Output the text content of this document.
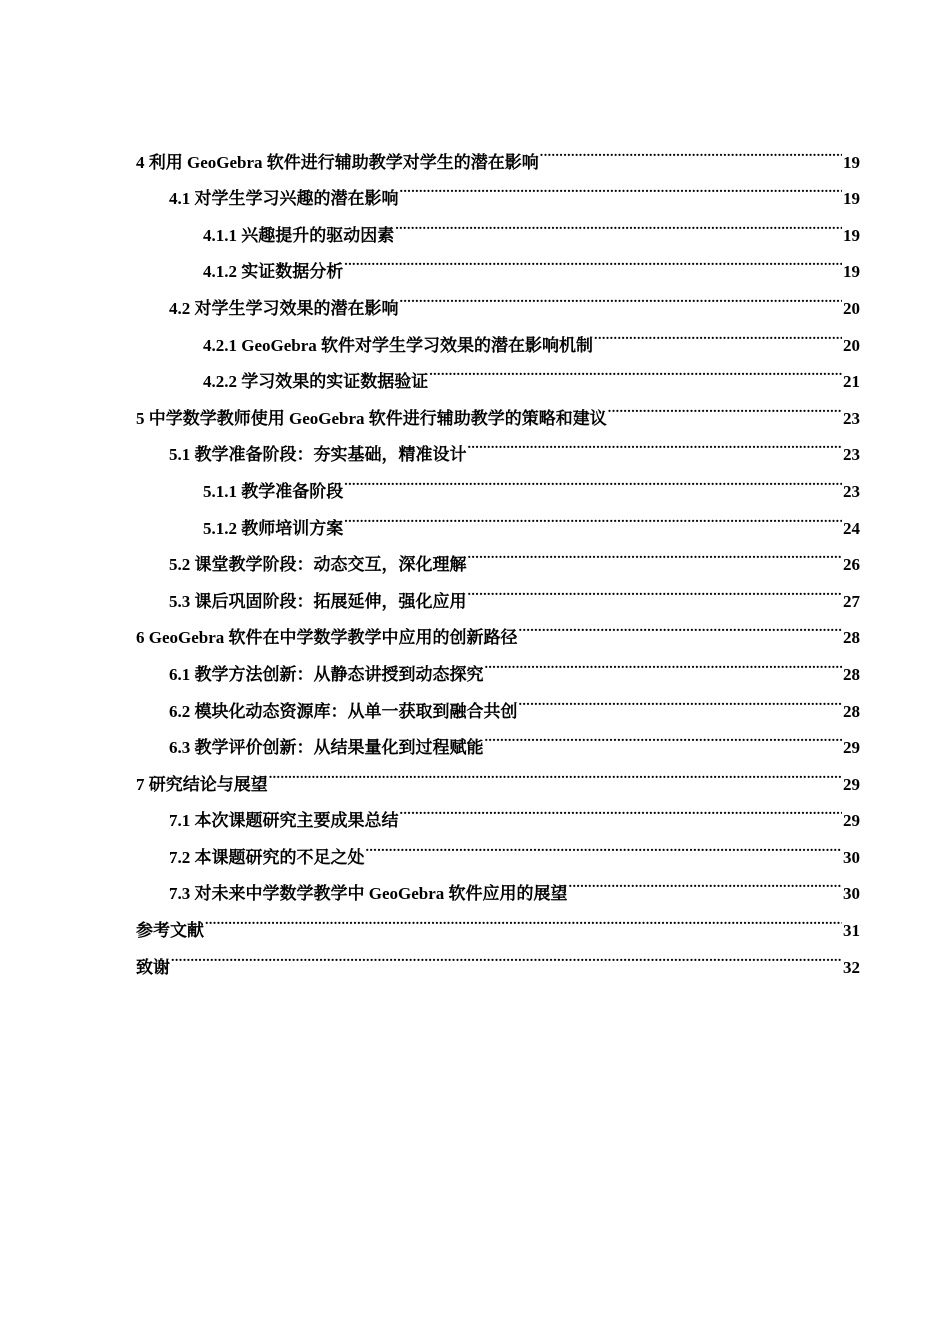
4 利用 GeoGebra 软件进行辅助教学对学生的潜在影响 .....	19
4.1 对学生学习兴趣的潜在影响 .....	19
4.1.1 兴趣提升的驱动因素 .....	19
4.1.2 实证数据分析 .....	19
4.2 对学生学习效果的潜在影响 .....	20
4.2.1 GeoGebra 软件对学生学习效果的潜在影响机制 .....	20
4.2.2 学习效果的实证数据验证 .....	21
5 中学数学教师使用 GeoGebra 软件进行辅助教学的策略和建议 .....	23
5.1 教学准备阶段：夯实基础，精准设计 .....	23
5.1.1 教学准备阶段 .....	23
5.1.2 教师培训方案 .....	24
5.2 课堂教学阶段：动态交互，深化理解 .....	26
5.3 课后巩固阶段：拓展延伸，强化应用 .....	27
6 GeoGebra 软件在中学数学教学中应用的创新路径 .....	28
6.1 教学方法创新：从静态讲授到动态探究 .....	28
6.2 模块化动态资源库：从单一获取到融合共创 .....	28
6.3 教学评价创新：从结果量化到过程赋能 .....	29
7 研究结论与展望 .....	29
7.1 本次课题研究主要成果总结 .....	29
7.2 本课题研究的不足之处 .....	30
7.3 对未来中学数学教学中 GeoGebra 软件应用的展望 .....	30
参考文献 .....	31
致谢 .....	32
